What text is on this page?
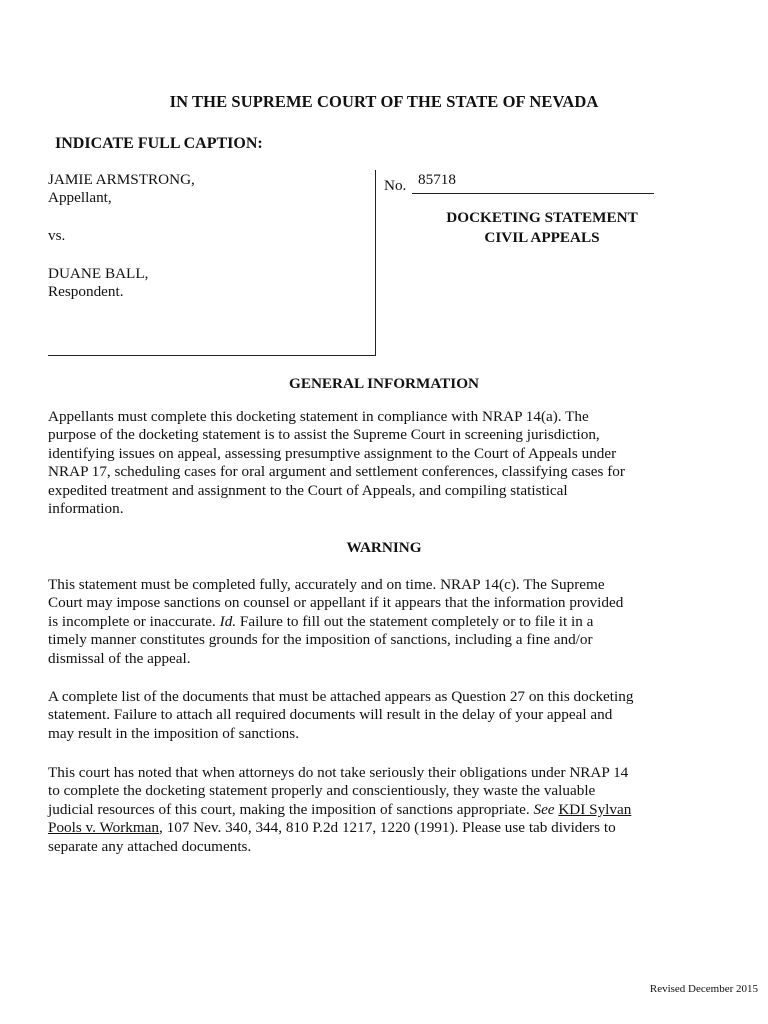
IN THE SUPREME COURT OF THE STATE OF NEVADA
INDICATE FULL CAPTION:
JAMIE ARMSTRONG,
Appellant,
vs.
DUANE BALL,
Respondent.
No. 85718
DOCKETING STATEMENT
CIVIL APPEALS
GENERAL INFORMATION
Appellants must complete this docketing statement in compliance with NRAP 14(a). The
purpose of the docketing statement is to assist the Supreme Court in screening jurisdiction,
identifying issues on appeal, assessing presumptive assignment to the Court of Appeals under
NRAP 17, scheduling cases for oral argument and settlement conferences, classifying cases for
expedited treatment and assignment to the Court of Appeals, and compiling statistical
information.
WARNING
This statement must be completed fully, accurately and on time. NRAP 14(c). The Supreme
Court may impose sanctions on counsel or appellant if it appears that the information provided
is incomplete or inaccurate. Id. Failure to fill out the statement completely or to file it in a
timely manner constitutes grounds for the imposition of sanctions, including a fine and/or
dismissal of the appeal.
A complete list of the documents that must be attached appears as Question 27 on this docketing
statement. Failure to attach all required documents will result in the delay of your appeal and
may result in the imposition of sanctions.
This court has noted that when attorneys do not take seriously their obligations under NRAP 14
to complete the docketing statement properly and conscientiously, they waste the valuable
judicial resources of this court, making the imposition of sanctions appropriate. See KDI Sylvan
Pools v. Workman, 107 Nev. 340, 344, 810 P.2d 1217, 1220 (1991). Please use tab dividers to
separate any attached documents.
Revised December 2015
